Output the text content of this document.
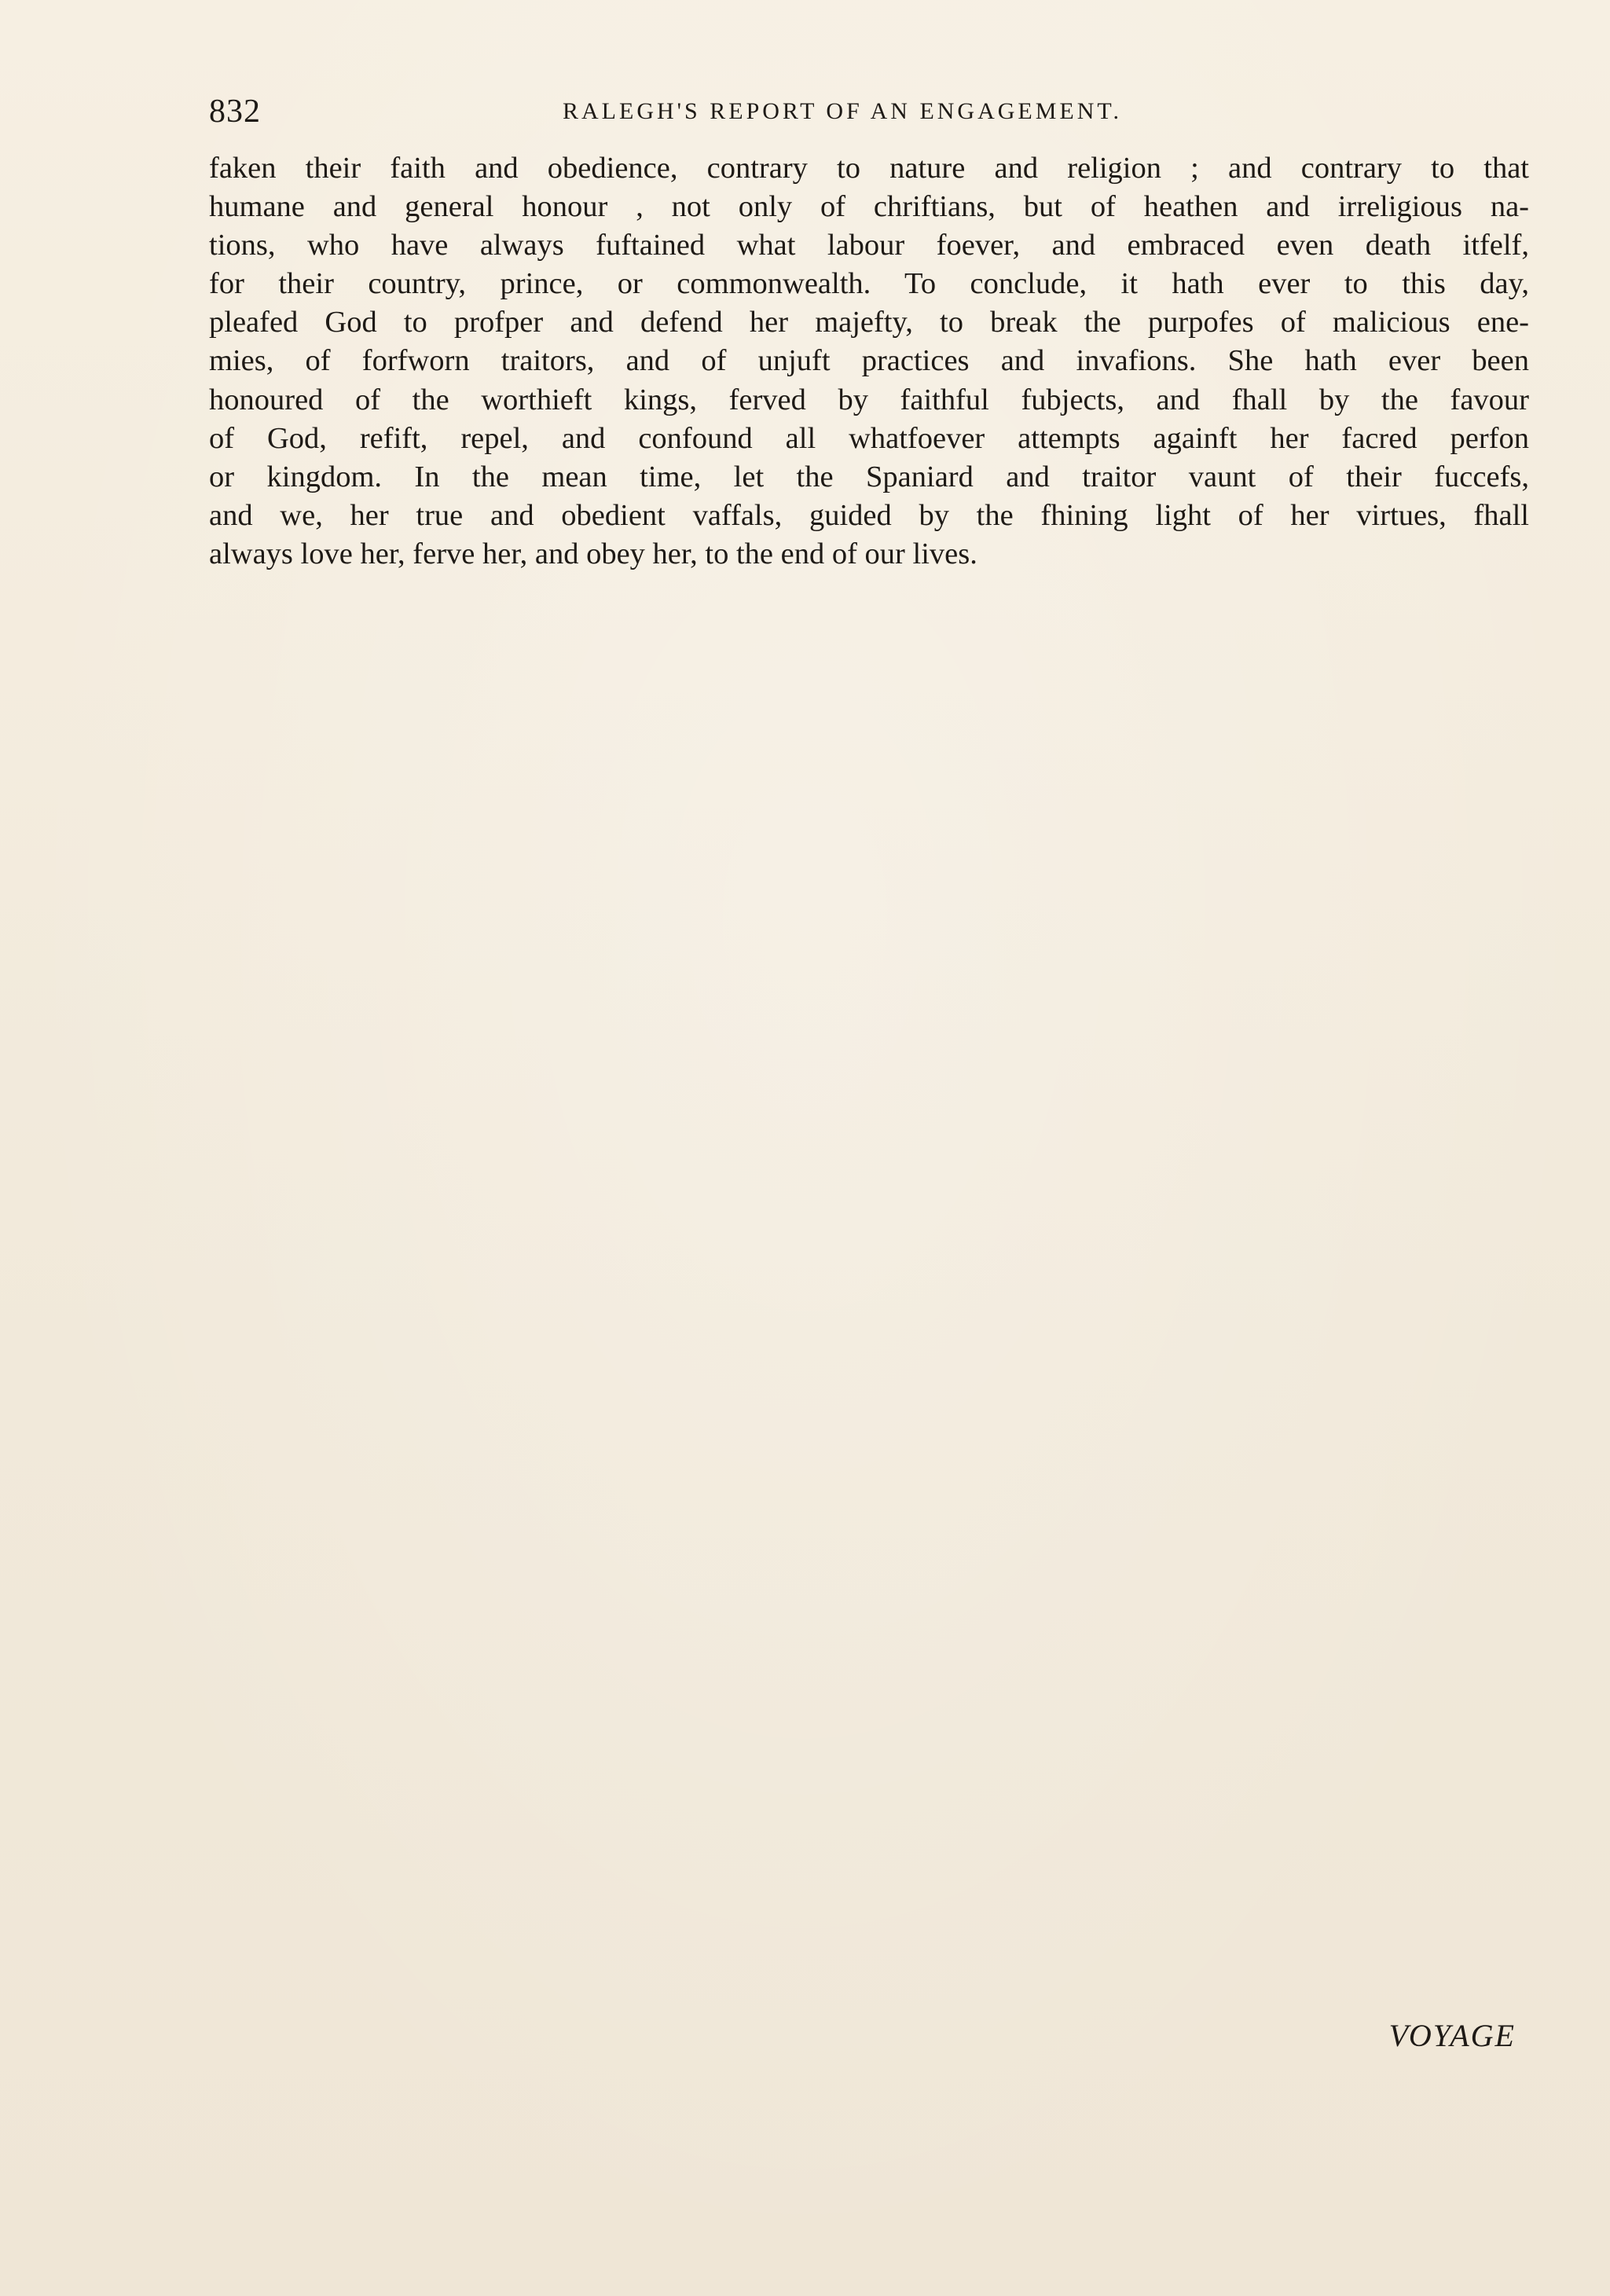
832	RALEGH'S REPORT OF AN ENGAGEMENT.
faken their faith and obedience, contrary to nature and religion ; and contrary to that
humane and general honour , not only of chriftians, but of heathen and irreligious na-
tions, who have always fuftained what labour foever, and embraced even death itfelf,
for their country, prince, or commonwealth. To conclude, it hath ever to this day,
pleafed God to profper and defend her majefty, to break the purpofes of malicious ene-
mies, of forfworn traitors, and of unjuft practices and invafions. She hath ever been
honoured of the worthieft kings, ferved by faithful fubjects, and fhall by the favour
of God, refift, repel, and confound all whatfoever attempts againft her facred perfon
or kingdom. In the mean time, let the Spaniard and traitor vaunt of their fuccefs,
and we, her true and obedient vaffals, guided by the fhining light of her virtues, fhall
always love her, ferve her, and obey her, to the end of our lives.
VOYAGE
